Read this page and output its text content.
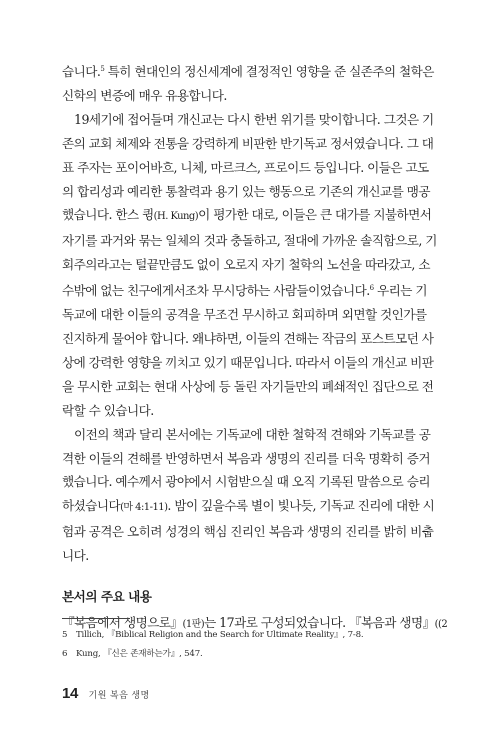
습니다.$^5$ 특히 현대인의 정신세계에 결정적인 영향을 준 실존주의 철학은
신학의 변증에 매우 유용합니다.
19세기에 접어들며 개신교는 다시 한번 위기를 맞이합니다. 그것은 기
존의 교회 체제와 전통을 강력하게 비판한 반기독교 정서였습니다. 그 대
표 주자는 포이어바흐, 니체, 마르크스, 프로이드 등입니다. 이들은 고도
의 합리성과 예리한 통찰력과 용기 있는 행동으로 기존의 개신교를 맹공
했습니다. 한스 큉(H. Kung)이 평가한 대로, 이들은 큰 대가를 지불하면서
자기를 과거와 묶는 일체의 것과 충돌하고, 절대에 가까운 솔직함으로, 기
회주의라고는 털끝만큼도 없이 오로지 자기 철학의 노선을 따라갔고, 소
수밖에 없는 친구에게서조차 무시당하는 사람들이었습니다.$^6$ 우리는 기
독교에 대한 이들의 공격을 무조건 무시하고 회피하며 외면할 것인가를
진지하게 물어야 합니다. 왜냐하면, 이들의 견해는 작금의 포스트모던 사
상에 강력한 영향을 끼치고 있기 때문입니다. 따라서 이들의 개신교 비판
을 무시한 교회는 현대 사상에 등 돌린 자기들만의 폐쇄적인 집단으로 전
락할 수 있습니다.
이전의 책과 달리 본서에는 기독교에 대한 철학적 견해와 기독교를 공
격한 이들의 견해를 반영하면서 복음과 생명의 진리를 더욱 명확히 증거
했습니다. 예수께서 광야에서 시험받으실 때 오직 기록된 말씀으로 승리
하셨습니다(마 4:1-11). 밤이 깊을수록 별이 빛나듯, 기독교 진리에 대한 시
험과 공격은 오히려 성경의 핵심 진리인 복음과 생명의 진리를 밝히 비춥
니다.
본서의 주요 내용
『복음에서 생명으로』(1판)는 17과로 구성되었습니다. 『복음과 생명』((2
5 Tillich, 『Biblical Religion and the Search for Ultimate Reality』, 7-8.
6 Kung, 『신은 존재하는가』, 547.
14 기원 복음 생명
